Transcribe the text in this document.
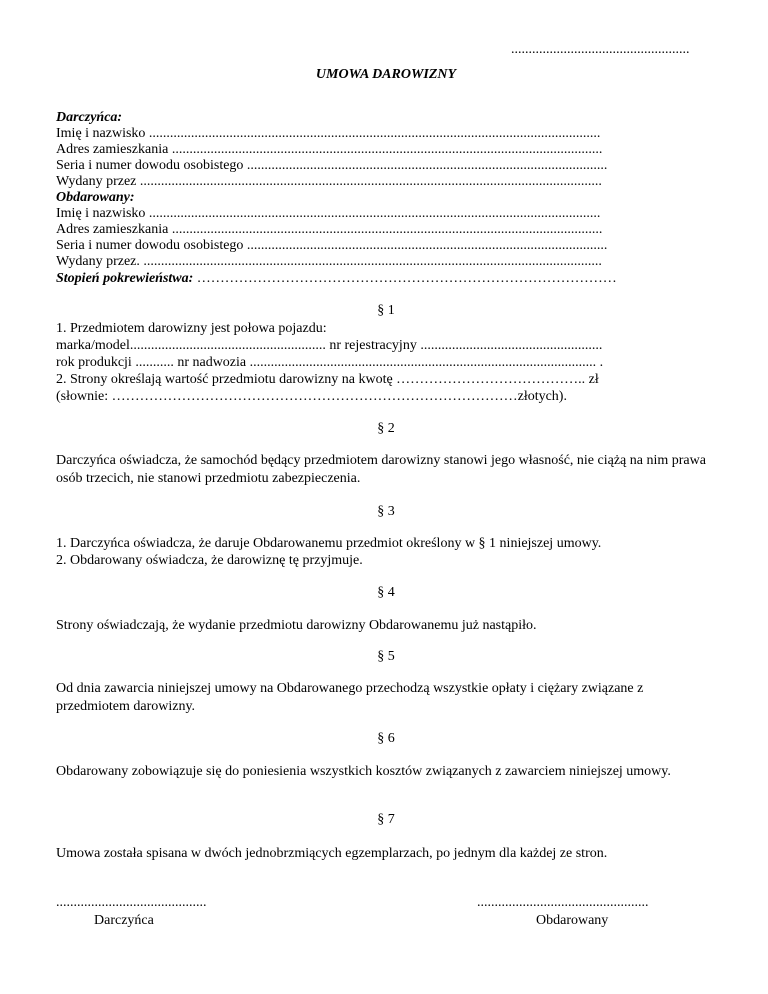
...................................................
UMOWA DAROWIZNY
Darczyńca:
Imię i nazwisko .................................................................................................................................
Adres zamieszkania ...........................................................................................................................
Seria i numer dowodu osobistego .......................................................................................................
Wydany przez ....................................................................................................................................
Obdarowany:
Imię i nazwisko .................................................................................................................................
Adres zamieszkania ...........................................................................................................................
Seria i numer dowodu osobistego .......................................................................................................
Wydany przez. ...................................................................................................................................
Stopień pokrewieństwa: ………………………………………………………………………………
§ 1
1. Przedmiotem darowizny jest połowa pojazdu:
marka/model........................................................ nr rejestracyjny ....................................................
rok produkcji ........... nr nadwozia ................................................................................................... .
2. Strony określają wartość przedmiotu darowizny na kwotę ………………………………….. zł
(słownie: ……………………………………………………………………………złotych).
§ 2
Darczyńca oświadcza, że samochód będący przedmiotem darowizny stanowi jego własność, nie ciążą na nim prawa osób trzecich, nie stanowi przedmiotu zabezpieczenia.
§ 3
1. Darczyńca oświadcza, że daruje Obdarowanemu przedmiot określony w § 1 niniejszej umowy.
2. Obdarowany oświadcza, że darowiznę tę przyjmuje.
§ 4
Strony oświadczają, że wydanie przedmiotu darowizny Obdarowanemu już nastąpiło.
§ 5
Od dnia zawarcia niniejszej umowy na Obdarowanego przechodzą wszystkie opłaty i ciężary związane z przedmiotem darowizny.
§ 6
Obdarowany zobowiązuje się do poniesienia wszystkich kosztów związanych z zawarciem niniejszej umowy.
§ 7
Umowa została spisana w dwóch jednobrzmiących egzemplarzach, po jednym dla każdej ze stron.
...........................................
Darczyńca
.................................................
Obdarowany
